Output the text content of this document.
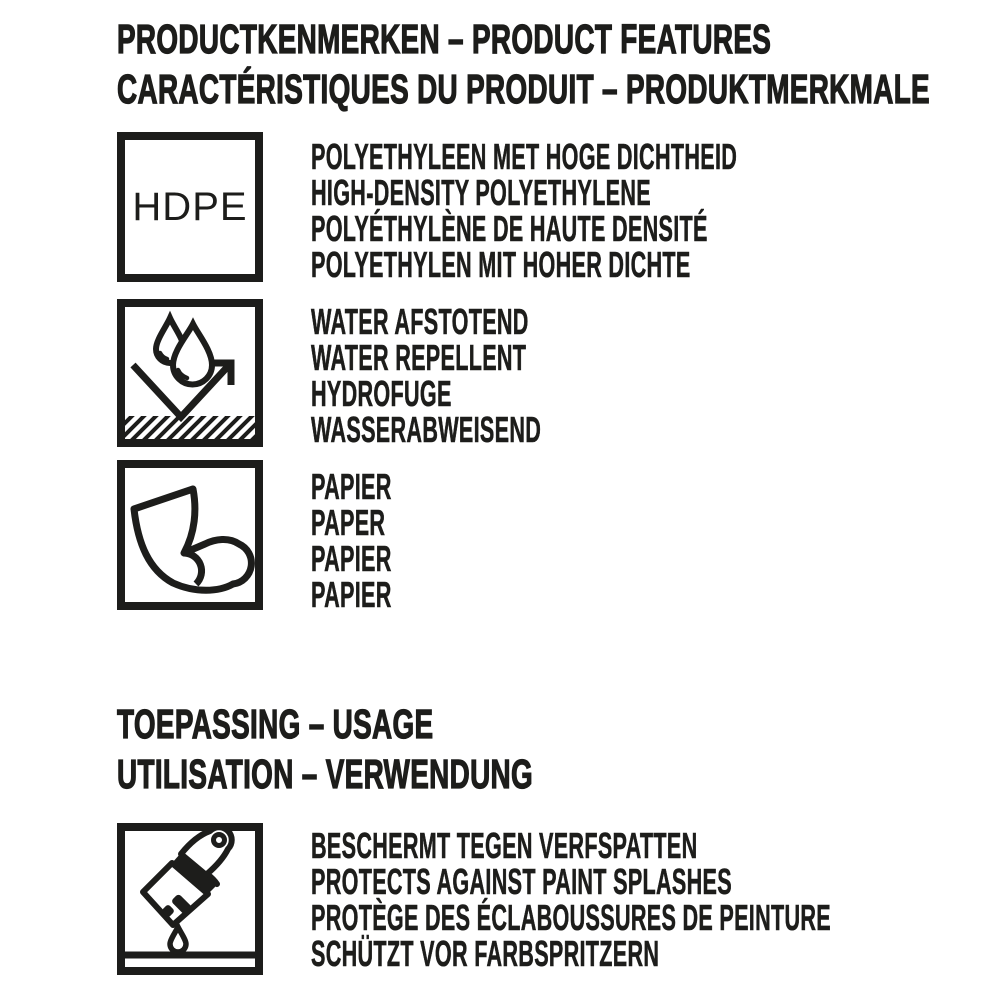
PRODUCTKENMERKEN – PRODUCT FEATURES
CARACTÉRISTIQUES DU PRODUIT – PRODUKTMERKMALE
HDPE
POLYETHYLEEN MET HOGE DICHTHEID
HIGH-DENSITY POLYETHYLENE
POLYÉTHYLÈNE DE HAUTE DENSITÉ
POLYETHYLEN MIT HOHER DICHTE
WATER AFSTOTEND
WATER REPELLENT
HYDROFUGE
WASSERABWEISEND
PAPIER
PAPER
PAPIER
PAPIER
TOEPASSING – USAGE
UTILISATION – VERWENDUNG
BESCHERMT TEGEN VERFSPATTEN
PROTECTS AGAINST PAINT SPLASHES
PROTÈGE DES ÉCLABOUSSURES DE PEINTURE
SCHÜTZT VOR FARBSPRITZERN
